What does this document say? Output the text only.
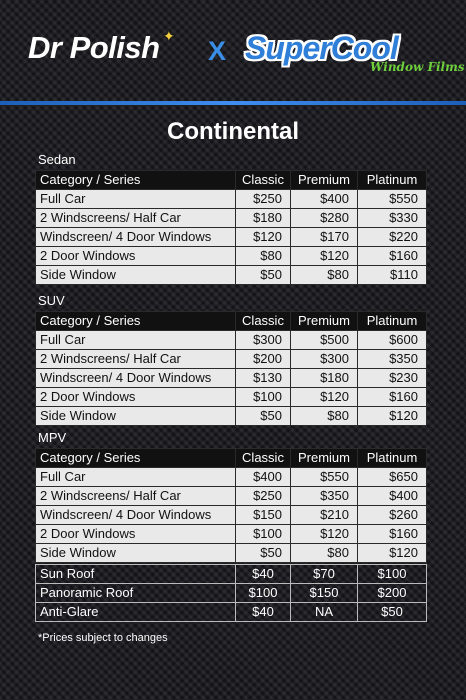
Dr Polish ✦ X SuperCool
Window Films
Continental
Sedan
Category / Series	Classic	Premium	Platinum
Full Car	$250	$400	$550
2 Windscreens/ Half Car	$180	$280	$330
Windscreen/ 4 Door Windows	$120	$170	$220
2 Door Windows	$80	$120	$160
Side Window	$50	$80	$110
SUV
Category / Series	Classic	Premium	Platinum
Full Car	$300	$500	$600
2 Windscreens/ Half Car	$200	$300	$350
Windscreen/ 4 Door Windows	$130	$180	$230
2 Door Windows	$100	$120	$160
Side Window	$50	$80	$120
MPV
Category / Series	Classic	Premium	Platinum
Full Car	$400	$550	$650
2 Windscreens/ Half Car	$250	$350	$400
Windscreen/ 4 Door Windows	$150	$210	$260
2 Door Windows	$100	$120	$160
Side Window	$50	$80	$120
Sun Roof	$40	$70	$100
Panoramic Roof	$100	$150	$200
Anti-Glare	$40	NA	$50
*Prices subject to changes
